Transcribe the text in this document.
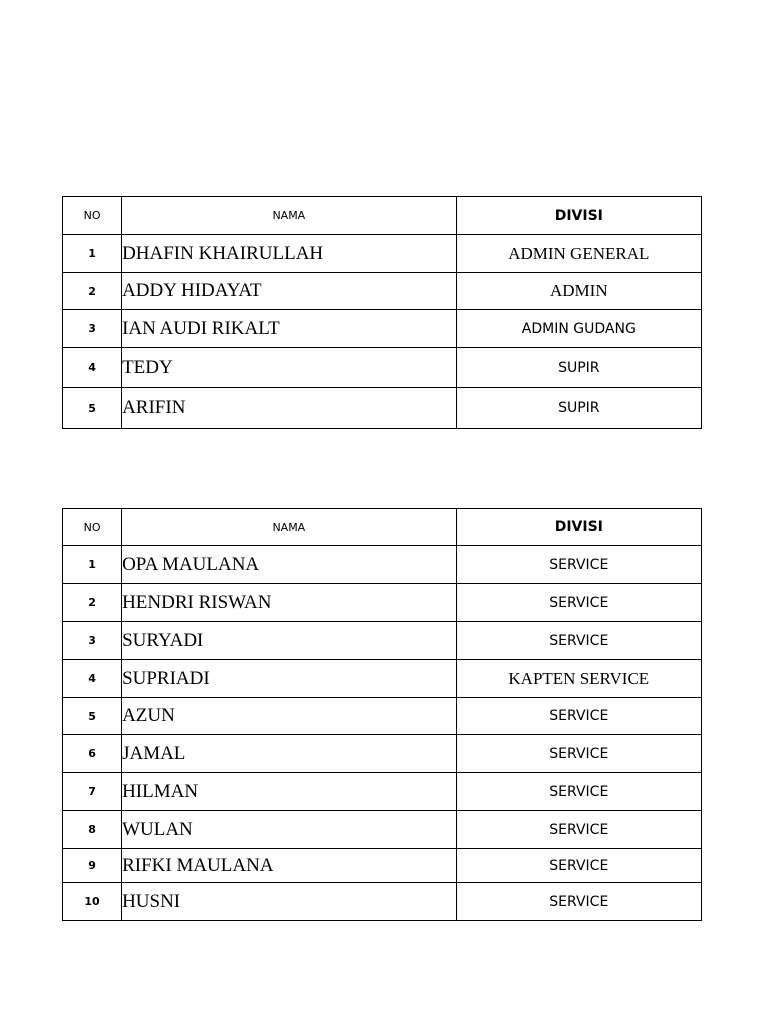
NO	NAMA	DIVISI
1	DHAFIN KHAIRULLAH	ADMIN GENERAL
2	ADDY HIDAYAT	ADMIN
3	IAN AUDI RIKALT	ADMIN GUDANG
4	TEDY	SUPIR
5	ARIFIN	SUPIR
NO	NAMA	DIVISI
1	OPA MAULANA	SERVICE
2	HENDRI RISWAN	SERVICE
3	SURYADI	SERVICE
4	SUPRIADI	KAPTEN SERVICE
5	AZUN	SERVICE
6	JAMAL	SERVICE
7	HILMAN	SERVICE
8	WULAN	SERVICE
9	RIFKI MAULANA	SERVICE
10	HUSNI	SERVICE
